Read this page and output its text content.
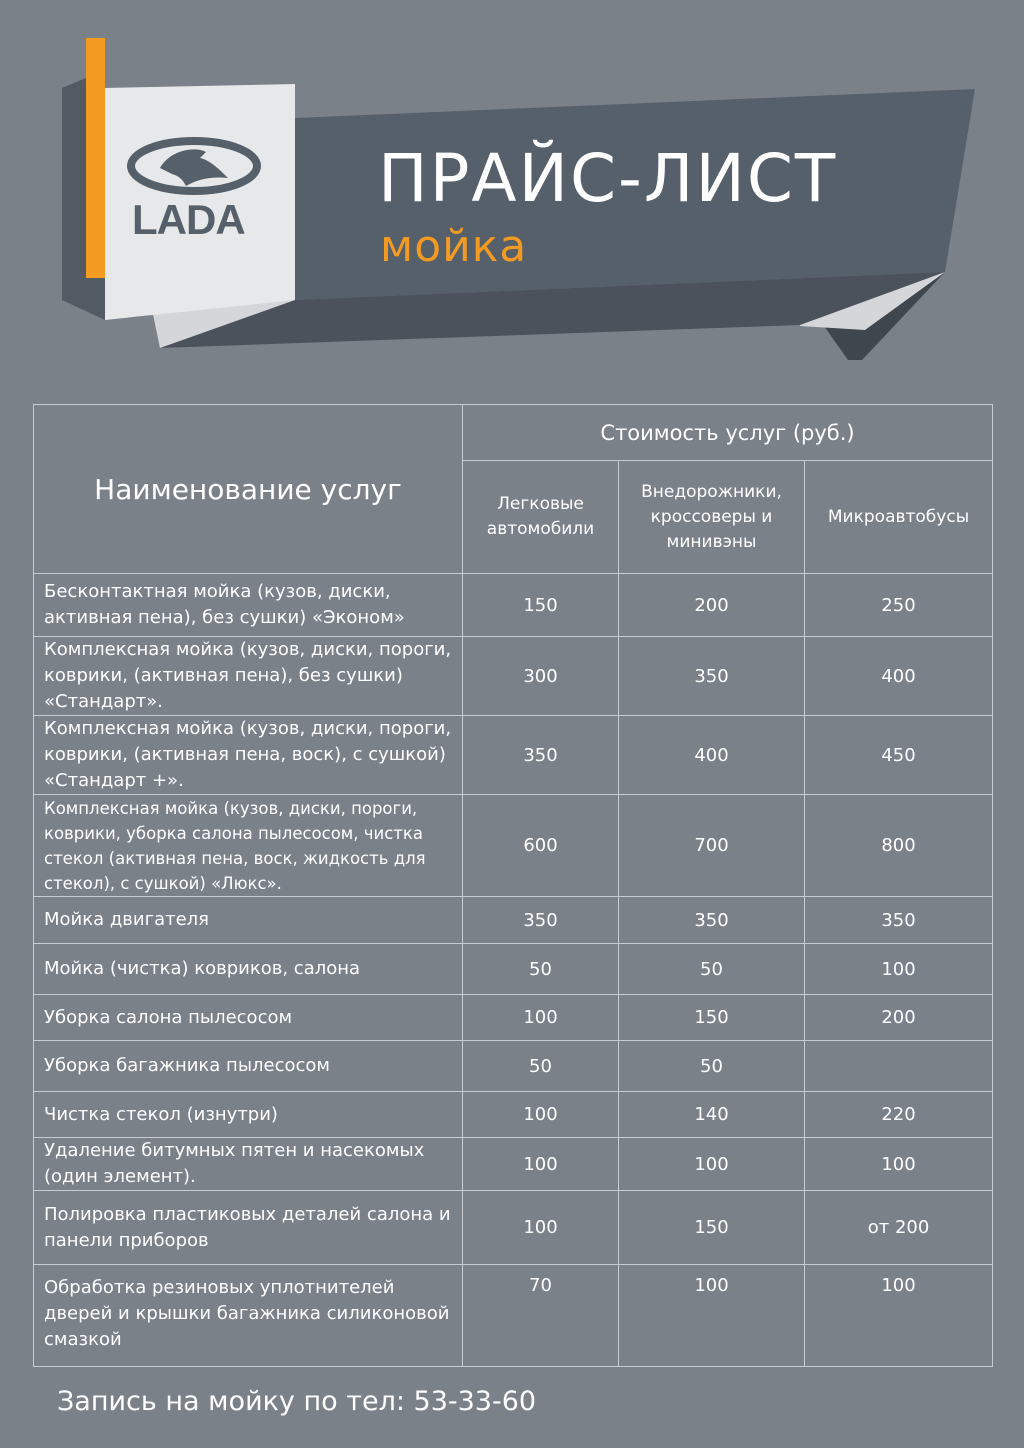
LADA
ПРАЙС-ЛИСТ
мойка
Наименование услуг	Стоимость услуг (руб.)		
	Легковые автомобили	Внедорожники, кроссоверы и минивэны	Микроавтобусы
Бесконтактная мойка (кузов, диски, активная пена), без сушки) «Эконом»	150	200	250
Комплексная мойка (кузов, диски, пороги, коврики, (активная пена), без сушки) «Стандарт».	300	350	400
Комплексная мойка (кузов, диски, пороги, коврики, (активная пена, воск), с сушкой) «Стандарт +».	350	400	450
Комплексная мойка (кузов, диски, пороги, коврики, уборка салона пылесосом, чистка стекол (активная пена, воск, жидкость для стекол), с сушкой) «Люкс».	600	700	800
Мойка двигателя	350	350	350
Мойка (чистка) ковриков, салона	50	50	100
Уборка салона пылесосом	100	150	200
Уборка багажника пылесосом	50	50	
Чистка стекол (изнутри)	100	140	220
Удаление битумных пятен и насекомых (один элемент).	100	100	100
Полировка пластиковых деталей салона и панели приборов	100	150	от 200
Обработка резиновых уплотнителей дверей и крышки багажника силиконовой смазкой	70	100	100
Запись на мойку по тел: 53-33-60
